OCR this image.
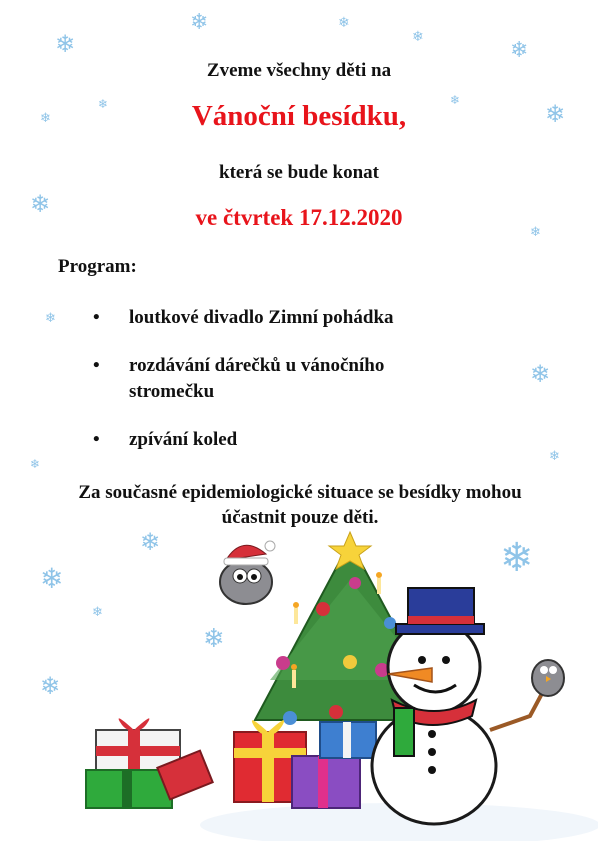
❄
❄	❄
❄
❄
❄
❄	❄
❄
❄
❄
❄
❄
❄	❄
❄
❄	❄
❄
❄
❄
Zveme všechny děti na
Vánoční besídku,
která se bude konat
ve čtvrtek 17.12.2020
Program:
• loutkové divadlo Zimní pohádka
• rozdávání dárečků u vánočního stromečku
• zpívání koled
Za současné epidemiologické situace se besídky mohou účastnit pouze děti.
